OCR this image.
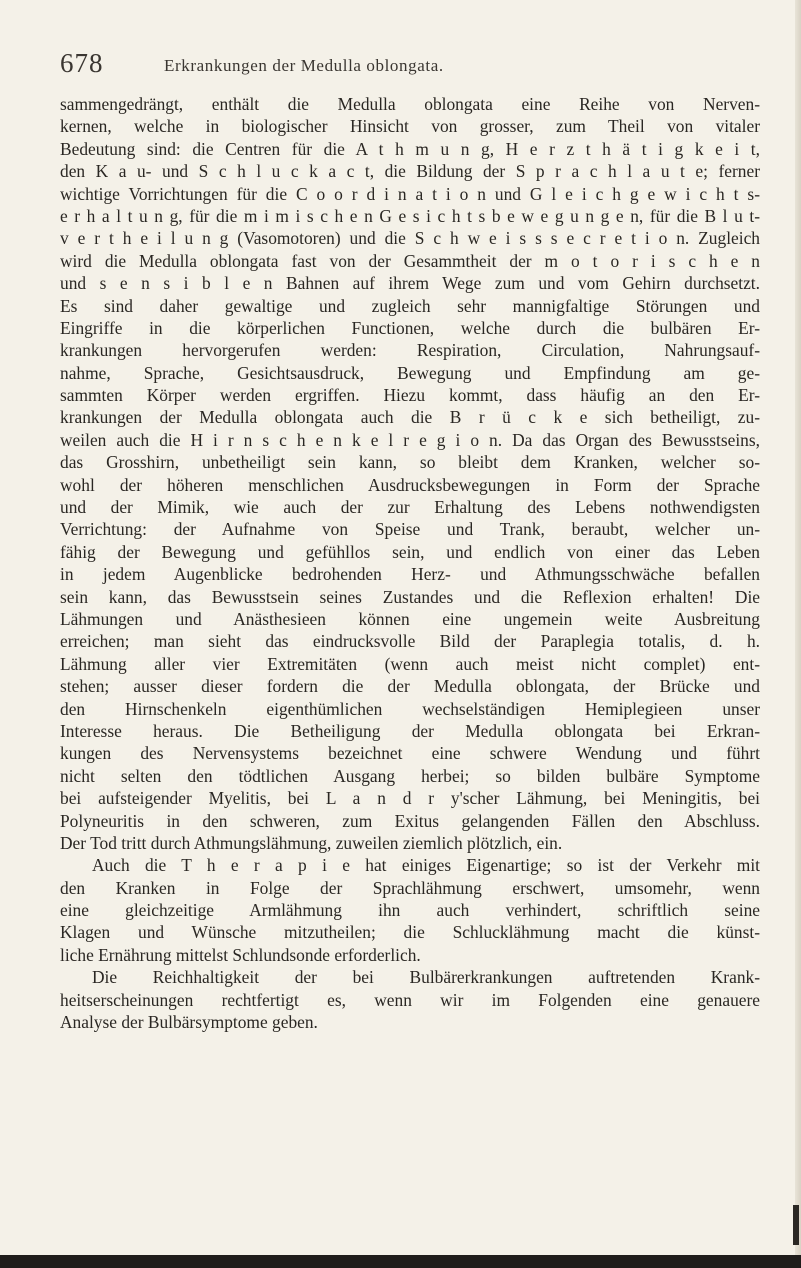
678	Erkrankungen der Medulla oblongata.
sammengedrängt, enthält die Medulla oblongata eine Reihe von Nerven-
kernen, welche in biologischer Hinsicht von grosser, zum Theil von vitaler
Bedeutung sind: die Centren für die A t h m u n g, H e r z t h ä t i g k e i t,
den K a u- und S c h l u c k a c t, die Bildung der S p r a c h l a u t e; ferner
wichtige Vorrichtungen für die C o o r d i n a t i o n und G l e i c h g e w i c h t s-
e r h a l t u n g, für die m i m i s c h e n G e s i c h t s b e w e g u n g e n, für die B l u t-
v e r t h e i l u n g (Vasomotoren) und die S c h w e i s s s e c r e t i o n. Zugleich
wird die Medulla oblongata fast von der Gesammtheit der m o t o r i s c h e n
und s e n s i b l e n Bahnen auf ihrem Wege zum und vom Gehirn durchsetzt.
Es sind daher gewaltige und zugleich sehr mannigfaltige Störungen und
Eingriffe in die körperlichen Functionen, welche durch die bulbären Er-
krankungen hervorgerufen werden: Respiration, Circulation, Nahrungsauf-
nahme, Sprache, Gesichtsausdruck, Bewegung und Empfindung am ge-
sammten Körper werden ergriffen. Hiezu kommt, dass häufig an den Er-
krankungen der Medulla oblongata auch die B r ü c k e sich betheiligt, zu-
weilen auch die H i r n s c h e n k e l r e g i o n. Da das Organ des Bewusstseins,
das Grosshirn, unbetheiligt sein kann, so bleibt dem Kranken, welcher so-
wohl der höheren menschlichen Ausdrucksbewegungen in Form der Sprache
und der Mimik, wie auch der zur Erhaltung des Lebens nothwendigsten
Verrichtung: der Aufnahme von Speise und Trank, beraubt, welcher un-
fähig der Bewegung und gefühllos sein, und endlich von einer das Leben
in jedem Augenblicke bedrohenden Herz- und Athmungsschwäche befallen
sein kann, das Bewusstsein seines Zustandes und die Reflexion erhalten! Die
Lähmungen und Anästhesieen können eine ungemein weite Ausbreitung
erreichen; man sieht das eindrucksvolle Bild der Paraplegia totalis, d. h.
Lähmung aller vier Extremitäten (wenn auch meist nicht complet) ent-
stehen; ausser dieser fordern die der Medulla oblongata, der Brücke und
den Hirnschenkeln eigenthümlichen wechselständigen Hemiplegieen unser
Interesse heraus. Die Betheiligung der Medulla oblongata bei Erkran-
kungen des Nervensystems bezeichnet eine schwere Wendung und führt
nicht selten den tödtlichen Ausgang herbei; so bilden bulbäre Symptome
bei aufsteigender Myelitis, bei L a n d r y'scher Lähmung, bei Meningitis, bei
Polyneuritis in den schweren, zum Exitus gelangenden Fällen den Abschluss.
Der Tod tritt durch Athmungslähmung, zuweilen ziemlich plötzlich, ein.
Auch die T h e r a p i e hat einiges Eigenartige; so ist der Verkehr mit
den Kranken in Folge der Sprachlähmung erschwert, umsomehr, wenn
eine gleichzeitige Armlähmung ihn auch verhindert, schriftlich seine
Klagen und Wünsche mitzutheilen; die Schlucklähmung macht die künst-
liche Ernährung mittelst Schlundsonde erforderlich.
Die Reichhaltigkeit der bei Bulbärerkrankungen auftretenden Krank-
heitserscheinungen rechtfertigt es, wenn wir im Folgenden eine genauere
Analyse der Bulbärsymptome geben.
